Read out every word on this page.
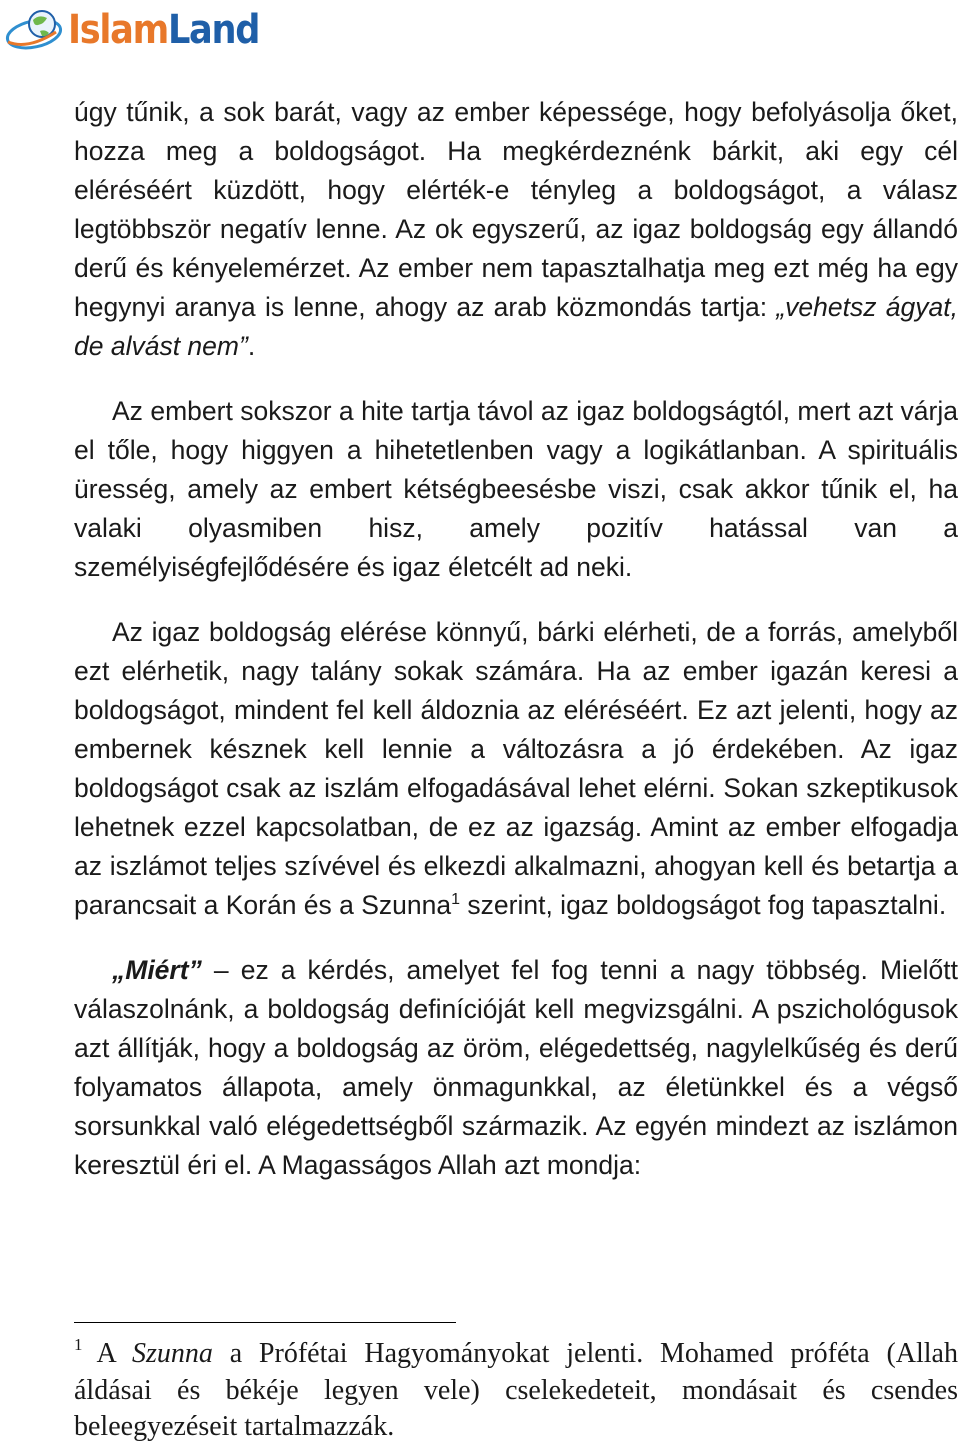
IslamLand

úgy tűnik, a sok barát, vagy az ember képessége, hogy befolyásolja őket, hozza meg a boldogságot. Ha megkérdeznénk bárkit, aki egy cél eléréséért küzdött, hogy elérték-e tényleg a boldogságot, a válasz legtöbbször negatív lenne. Az ok egyszerű, az igaz boldogság egy állandó derű és kényelemérzet. Az ember nem tapasztalhatja meg ezt még ha egy hegynyi aranya is lenne, ahogy az arab közmondás tartja: „vehetsz ágyat, de alvást nem”.

Az embert sokszor a hite tartja távol az igaz boldogságtól, mert azt várja el tőle, hogy higgyen a hihetetlenben vagy a logikátlanban. A spirituális üresség, amely az embert kétségbeesésbe viszi, csak akkor tűnik el, ha valaki olyasmiben hisz, amely pozitív hatással van a személyiségfejlődésére és igaz életcélt ad neki.

Az igaz boldogság elérése könnyű, bárki elérheti, de a forrás, amelyből ezt elérhetik, nagy talány sokak számára. Ha az ember igazán keresi a boldogságot, mindent fel kell áldoznia az eléréséért. Ez azt jelenti, hogy az embernek késznek kell lennie a változásra a jó érdekében. Az igaz boldogságot csak az iszlám elfogadásával lehet elérni. Sokan szkeptikusok lehetnek ezzel kapcsolatban, de ez az igazság. Amint az ember elfogadja az iszlámot teljes szívével és elkezdi alkalmazni, ahogyan kell és betartja a parancsait a Korán és a Szunna$^1$ szerint, igaz boldogságot fog tapasztalni.

„Miért” – ez a kérdés, amelyet fel fog tenni a nagy többség. Mielőtt válaszolnánk, a boldogság definícióját kell megvizsgálni. A pszichológusok azt állítják, hogy a boldogság az öröm, elégedettség, nagylelkűség és derű folyamatos állapota, amely önmagunkkal, az életünkkel és a végső sorsunkkal való elégedettségből származik. Az egyén mindezt az iszlámon keresztül éri el. A Magasságos Allah azt mondja:

$^1$ A Szunna a Prófétai Hagyományokat jelenti. Mohamed próféta (Allah áldásai és békéje legyen vele) cselekedeteit, mondásait és csendes beleegyezéseit tartalmazzák.
